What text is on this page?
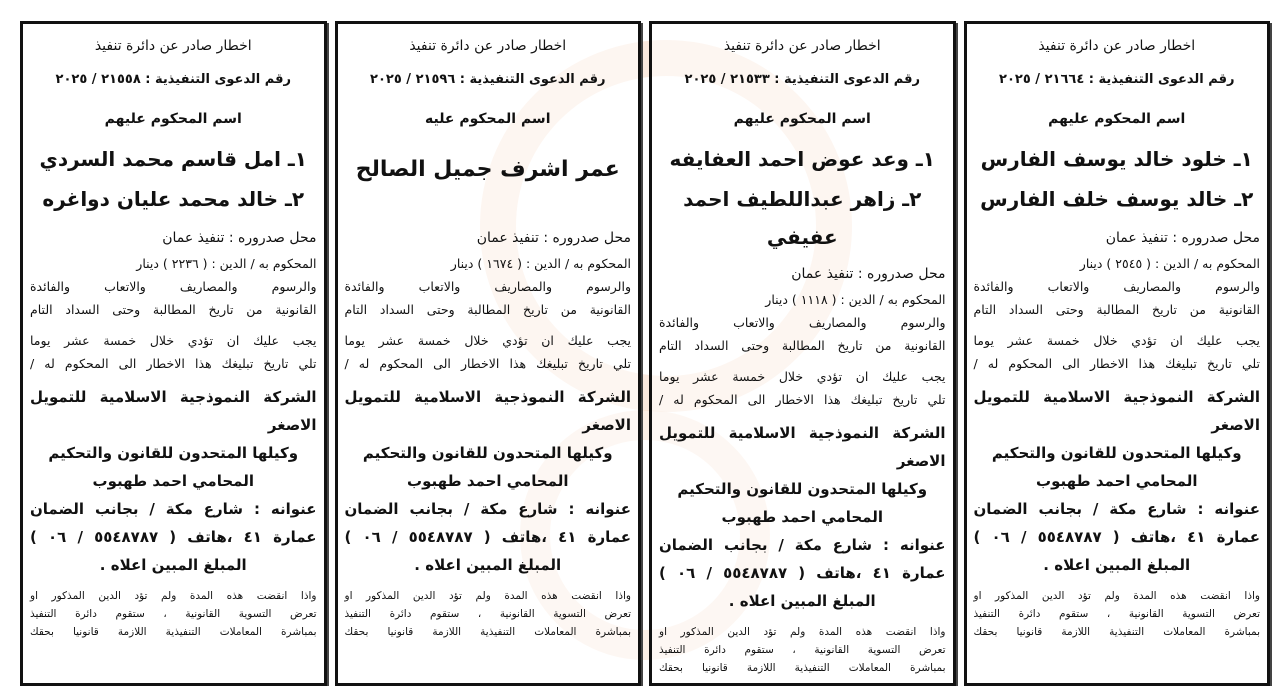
اخطار صادر عن دائرة تنفيذ
رقم الدعوى التنفيذية : ٢١٦٦٤ / ٢٠٢٥
اسم المحكوم عليهم
١ـ خلود خالد يوسف الفارس
٢ـ خالد يوسف خلف الفارس
محل صدروره : تنفيذ عمان
المحكوم به / الدين : ( ٢٥٤٥ ) دينار
والرسوم والمصاريف والاتعاب والفائدة
القانونية من تاريخ المطالبة وحتى السداد التام
يجب عليك ان تؤدي خلال خمسة عشر يوما
تلي تاريخ تبليغك هذا الاخطار الى المحكوم له /
الشركة النموذجية الاسلامية للتمويل الاصغر
وكيلها المتحدون للقانون والتحكيم
المحامي احمد طهبوب
عنوانه : شارع مكة / بجانب الضمان
عمارة ٤١ ،هاتف ( ٥٥٤٨٧٨٧ / ٠٦ )
المبلغ المبين اعلاه .
واذا انقضت هذه المدة ولم تؤد الدين المذكور او
تعرض التسوية القانونية ، ستقوم دائرة التنفيذ
بمباشرة المعاملات التنفيذية اللازمة قانونيا بحقك
اخطار صادر عن دائرة تنفيذ
رقم الدعوى التنفيذية : ٢١٥٣٣ / ٢٠٢٥
اسم المحكوم عليهم
١ـ وعد عوض احمد العفايفه
٢ـ زاهر عبداللطيف احمد عفيفي
محل صدروره : تنفيذ عمان
المحكوم به / الدين : ( ١١١٨ ) دينار
والرسوم والمصاريف والاتعاب والفائدة
القانونية من تاريخ المطالبة وحتى السداد التام
يجب عليك ان تؤدي خلال خمسة عشر يوما
تلي تاريخ تبليغك هذا الاخطار الى المحكوم له /
الشركة النموذجية الاسلامية للتمويل الاصغر
وكيلها المتحدون للقانون والتحكيم
المحامي احمد طهبوب
عنوانه : شارع مكة / بجانب الضمان
عمارة ٤١ ،هاتف ( ٥٥٤٨٧٨٧ / ٠٦ )
المبلغ المبين اعلاه .
واذا انقضت هذه المدة ولم تؤد الدين المذكور او
تعرض التسوية القانونية ، ستقوم دائرة التنفيذ
بمباشرة المعاملات التنفيذية اللازمة قانونيا بحقك
اخطار صادر عن دائرة تنفيذ
رقم الدعوى التنفيذية : ٢١٥٩٦ / ٢٠٢٥
اسم المحكوم عليه
عمر اشرف جميل الصالح
محل صدروره : تنفيذ عمان
المحكوم به / الدين : ( ١٦٧٤ ) دينار
والرسوم والمصاريف والاتعاب والفائدة
القانونية من تاريخ المطالبة وحتى السداد التام
يجب عليك ان تؤدي خلال خمسة عشر يوما
تلي تاريخ تبليغك هذا الاخطار الى المحكوم له /
الشركة النموذجية الاسلامية للتمويل الاصغر
وكيلها المتحدون للقانون والتحكيم
المحامي احمد طهبوب
عنوانه : شارع مكة / بجانب الضمان
عمارة ٤١ ،هاتف ( ٥٥٤٨٧٨٧ / ٠٦ )
المبلغ المبين اعلاه .
واذا انقضت هذه المدة ولم تؤد الدين المذكور او
تعرض التسوية القانونية ، ستقوم دائرة التنفيذ
بمباشرة المعاملات التنفيذية اللازمة قانونيا بحقك
اخطار صادر عن دائرة تنفيذ
رقم الدعوى التنفيذية : ٢١٥٥٨ / ٢٠٢٥
اسم المحكوم عليهم
١ـ امل قاسم محمد السردي
٢ـ خالد محمد عليان دواغره
محل صدروره : تنفيذ عمان
المحكوم به / الدين : ( ٢٢٣٦ ) دينار
والرسوم والمصاريف والاتعاب والفائدة
القانونية من تاريخ المطالبة وحتى السداد التام
يجب عليك ان تؤدي خلال خمسة عشر يوما
تلي تاريخ تبليغك هذا الاخطار الى المحكوم له /
الشركة النموذجية الاسلامية للتمويل الاصغر
وكيلها المتحدون للقانون والتحكيم
المحامي احمد طهبوب
عنوانه : شارع مكة / بجانب الضمان
عمارة ٤١ ،هاتف ( ٥٥٤٨٧٨٧ / ٠٦ )
المبلغ المبين اعلاه .
واذا انقضت هذه المدة ولم تؤد الدين المذكور او
تعرض التسوية القانونية ، ستقوم دائرة التنفيذ
بمباشرة المعاملات التنفيذية اللازمة قانونيا بحقك
